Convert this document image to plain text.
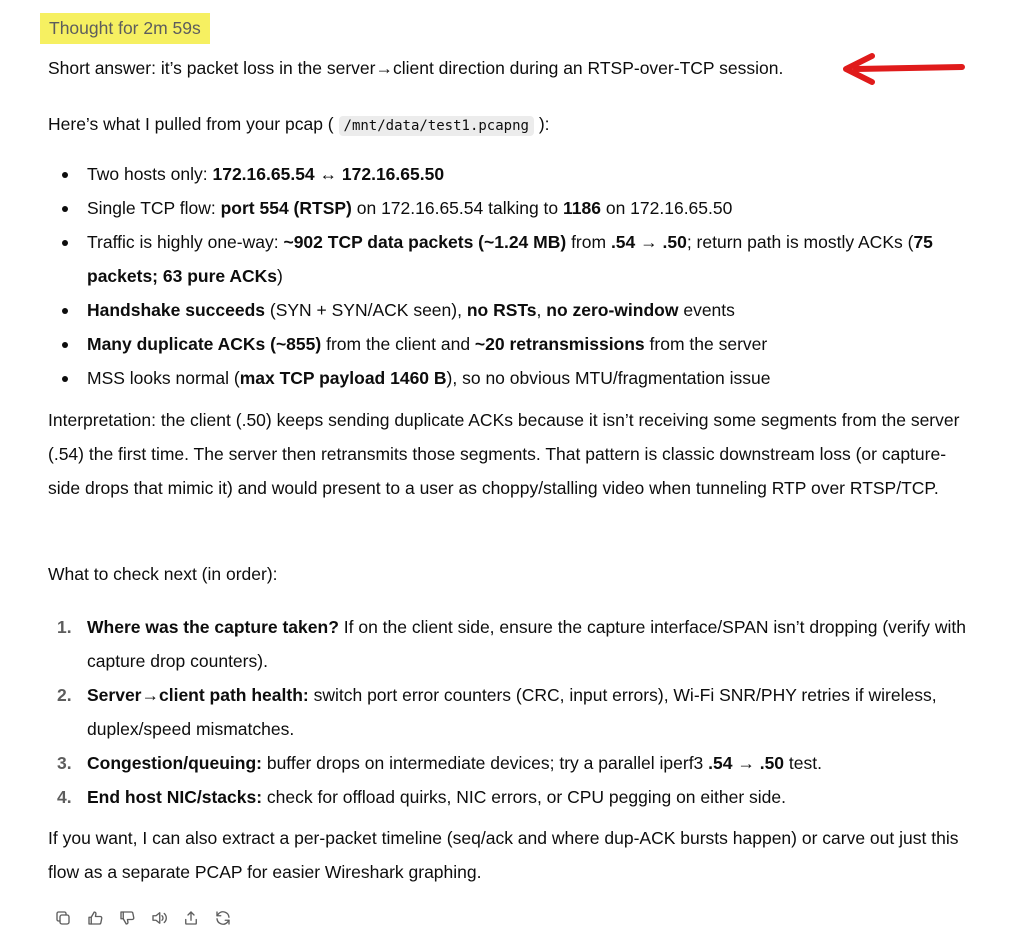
Thought for 2m 59s

Short answer: it’s packet loss in the server→client direction during an RTSP-over-TCP session.

Here’s what I pulled from your pcap ( /mnt/data/test1.pcapng ):

Two hosts only: 172.16.65.54 ↔ 172.16.65.50
Single TCP flow: port 554 (RTSP) on 172.16.65.54 talking to 1186 on 172.16.65.50
Traffic is highly one-way: ~902 TCP data packets (~1.24 MB) from .54 → .50; return path is mostly ACKs (75 packets; 63 pure ACKs)
Handshake succeeds (SYN + SYN/ACK seen), no RSTs, no zero-window events
Many duplicate ACKs (~855) from the client and ~20 retransmissions from the server
MSS looks normal (max TCP payload 1460 B), so no obvious MTU/fragmentation issue

Interpretation: the client (.50) keeps sending duplicate ACKs because it isn’t receiving some segments from the server (.54) the first time. The server then retransmits those segments. That pattern is classic downstream loss (or capture-side drops that mimic it) and would present to a user as choppy/stalling video when tunneling RTP over RTSP/TCP.

What to check next (in order):

1. Where was the capture taken? If on the client side, ensure the capture interface/SPAN isn’t dropping (verify with capture drop counters).
2. Server→client path health: switch port error counters (CRC, input errors), Wi-Fi SNR/PHY retries if wireless, duplex/speed mismatches.
3. Congestion/queuing: buffer drops on intermediate devices; try a parallel iperf3 .54 → .50 test.
4. End host NIC/stacks: check for offload quirks, NIC errors, or CPU pegging on either side.

If you want, I can also extract a per-packet timeline (seq/ack and where dup-ACK bursts happen) or carve out just this flow as a separate PCAP for easier Wireshark graphing.
